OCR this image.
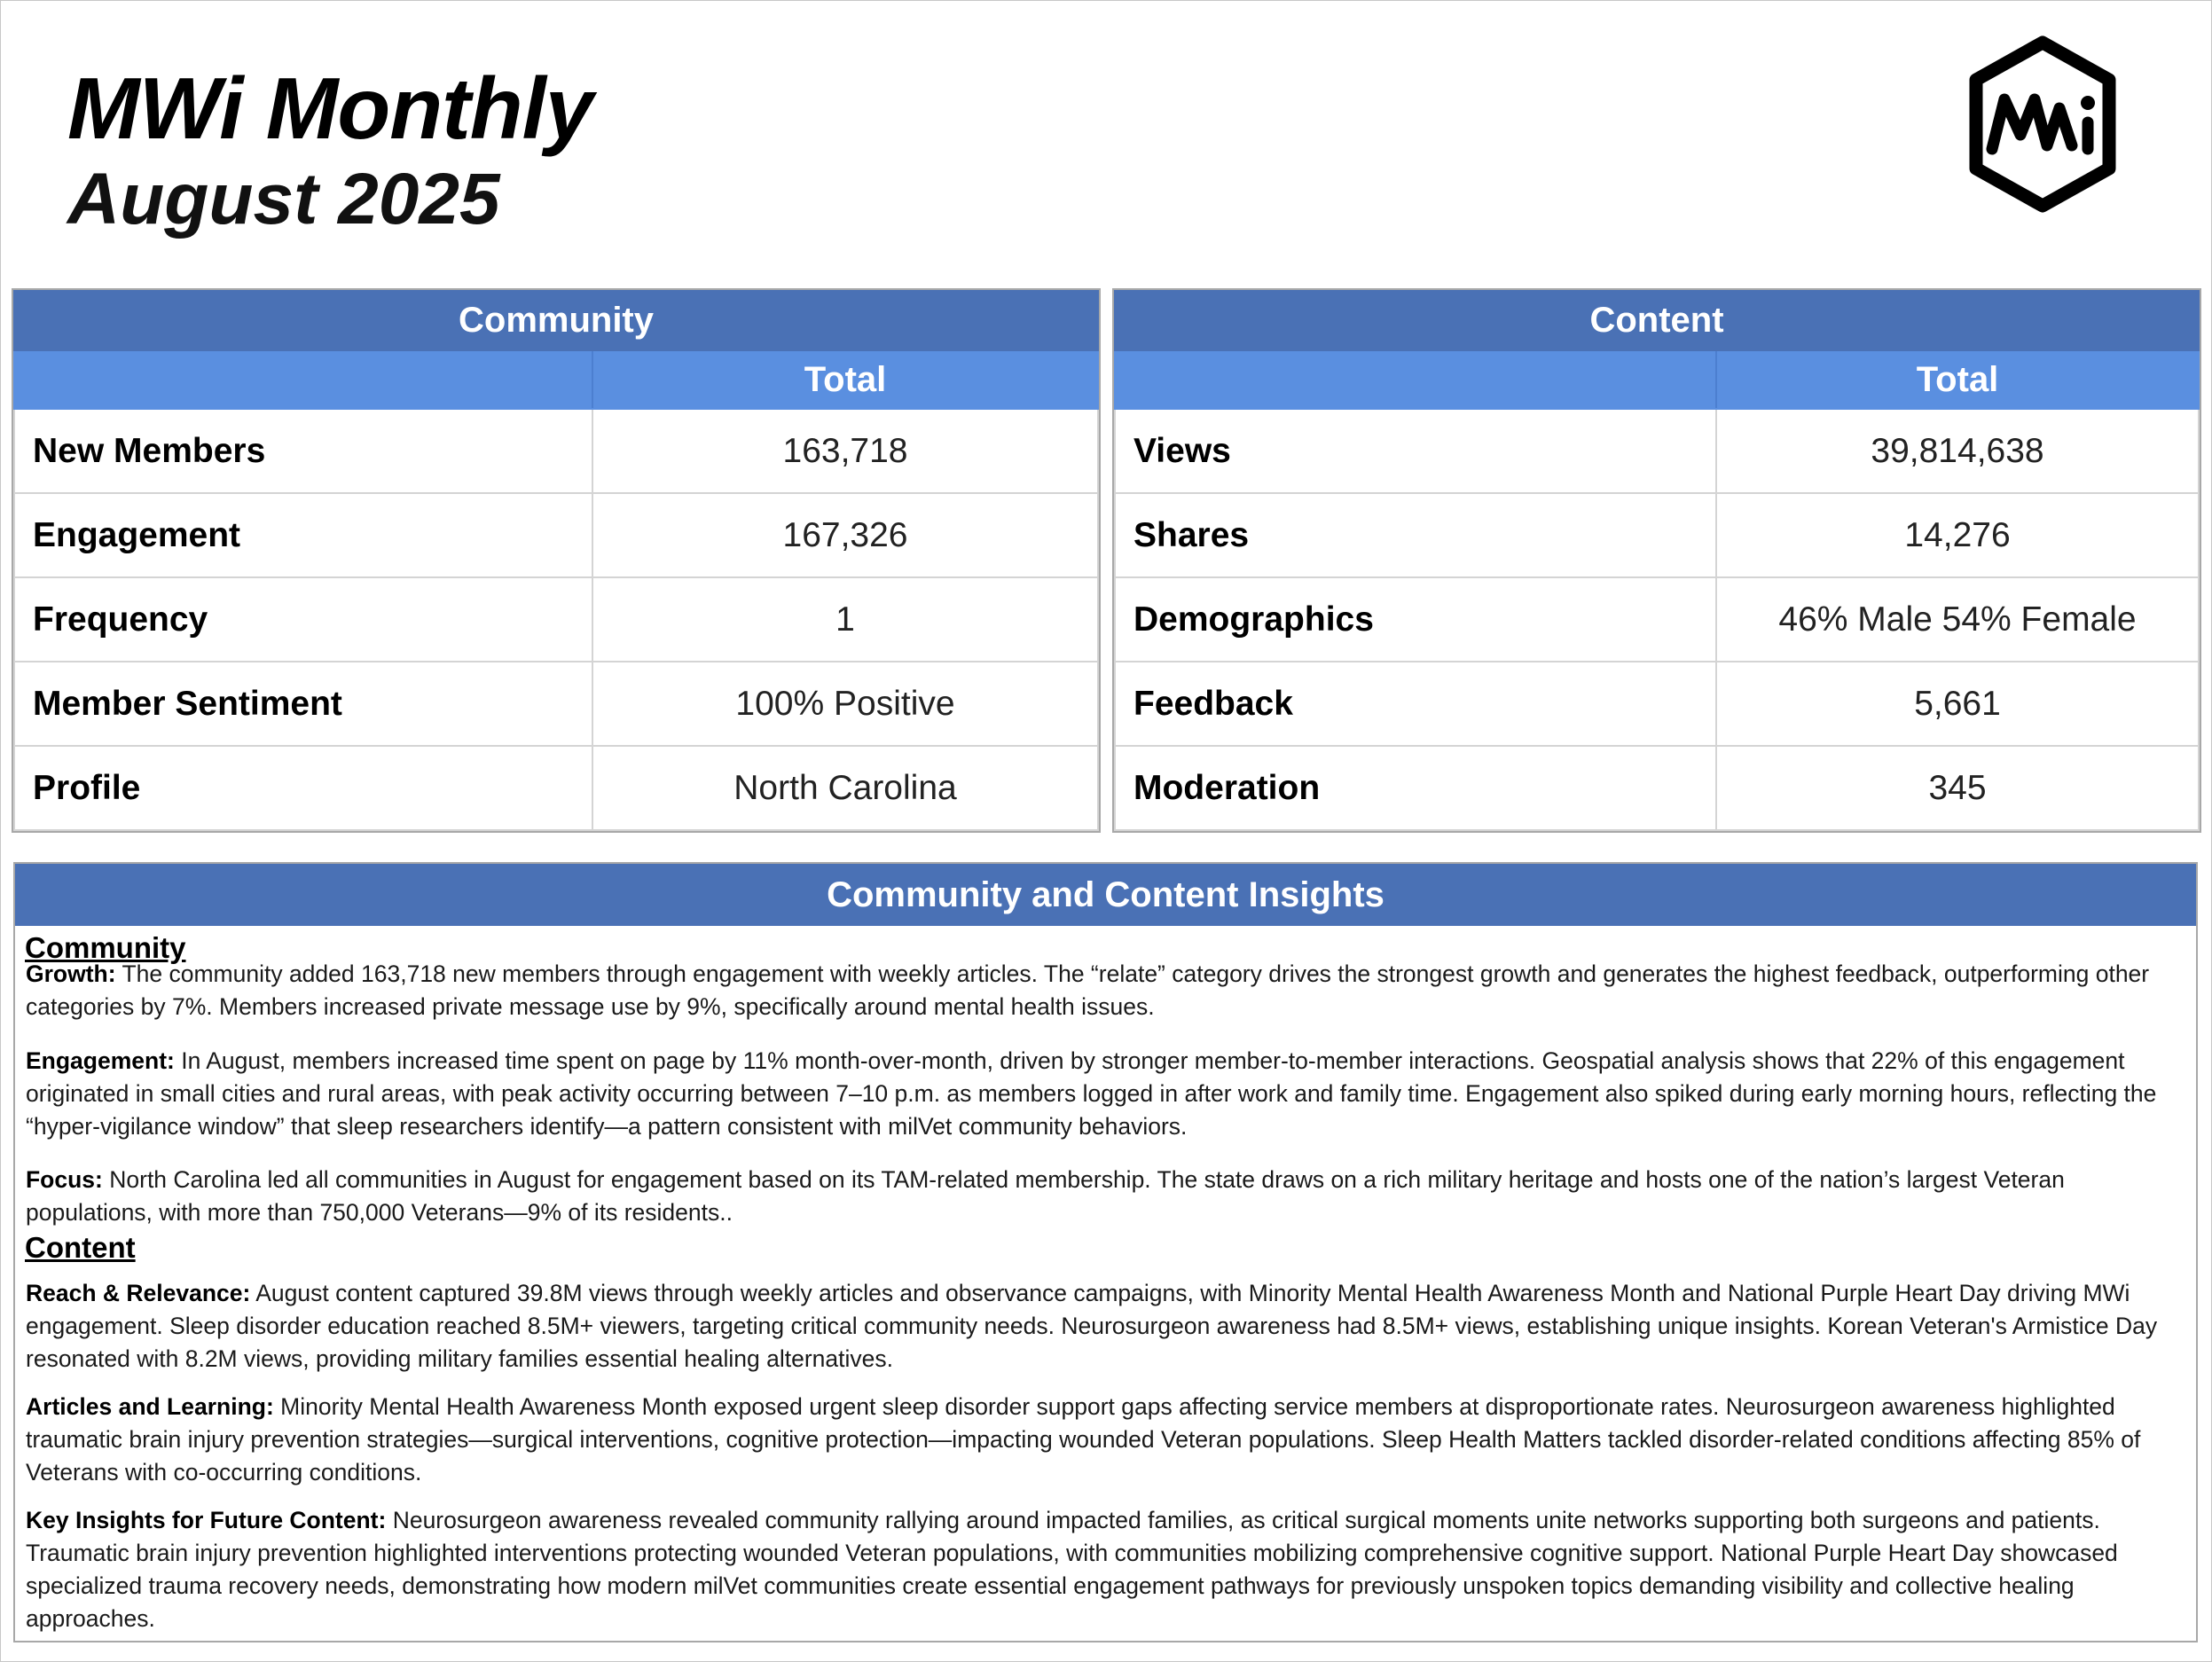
MWi Monthly
August 2025
Community	
	Total
New Members	163,718
Engagement	167,326
Frequency	1
Member Sentiment	100% Positive
Profile	North Carolina
Content	
	Total
Views	39,814,638
Shares	14,276
Demographics	46% Male 54% Female
Feedback	5,661
Moderation	345
Community and Content Insights
Community

Growth: The community added 163,718 new members through engagement with weekly articles. The “relate” category drives the strongest growth and generates the highest feedback, outperforming other categories by 7%. Members increased private message use by 9%, specifically around mental health issues.

Engagement: In August, members increased time spent on page by 11% month-over-month, driven by stronger member-to-member interactions. Geospatial analysis shows that 22% of this engagement originated in small cities and rural areas, with peak activity occurring between 7–10 p.m. as members logged in after work and family time. Engagement also spiked during early morning hours, reflecting the “hyper-vigilance window” that sleep researchers identify—a pattern consistent with milVet community behaviors.

Focus: North Carolina led all communities in August for engagement based on its TAM-related membership. The state draws on a rich military heritage and hosts one of the nation’s largest Veteran populations, with more than 750,000 Veterans—9% of its residents..

Content

Reach & Relevance: August content captured 39.8M views through weekly articles and observance campaigns, with Minority Mental Health Awareness Month and National Purple Heart Day driving MWi engagement. Sleep disorder education reached 8.5M+ viewers, targeting critical community needs. Neurosurgeon awareness had 8.5M+ views, establishing unique insights. Korean Veteran's Armistice Day resonated with 8.2M views, providing military families essential healing alternatives.

Articles and Learning: Minority Mental Health Awareness Month exposed urgent sleep disorder support gaps affecting service members at disproportionate rates. Neurosurgeon awareness highlighted traumatic brain injury prevention strategies—surgical interventions, cognitive protection—impacting wounded Veteran populations. Sleep Health Matters tackled disorder-related conditions affecting 85% of Veterans with co-occurring conditions.

Key Insights for Future Content: Neurosurgeon awareness revealed community rallying around impacted families, as critical surgical moments unite networks supporting both surgeons and patients. Traumatic brain injury prevention highlighted interventions protecting wounded Veteran populations, with communities mobilizing comprehensive cognitive support. National Purple Heart Day showcased specialized trauma recovery needs, demonstrating how modern milVet communities create essential engagement pathways for previously unspoken topics demanding visibility and collective healing approaches.
